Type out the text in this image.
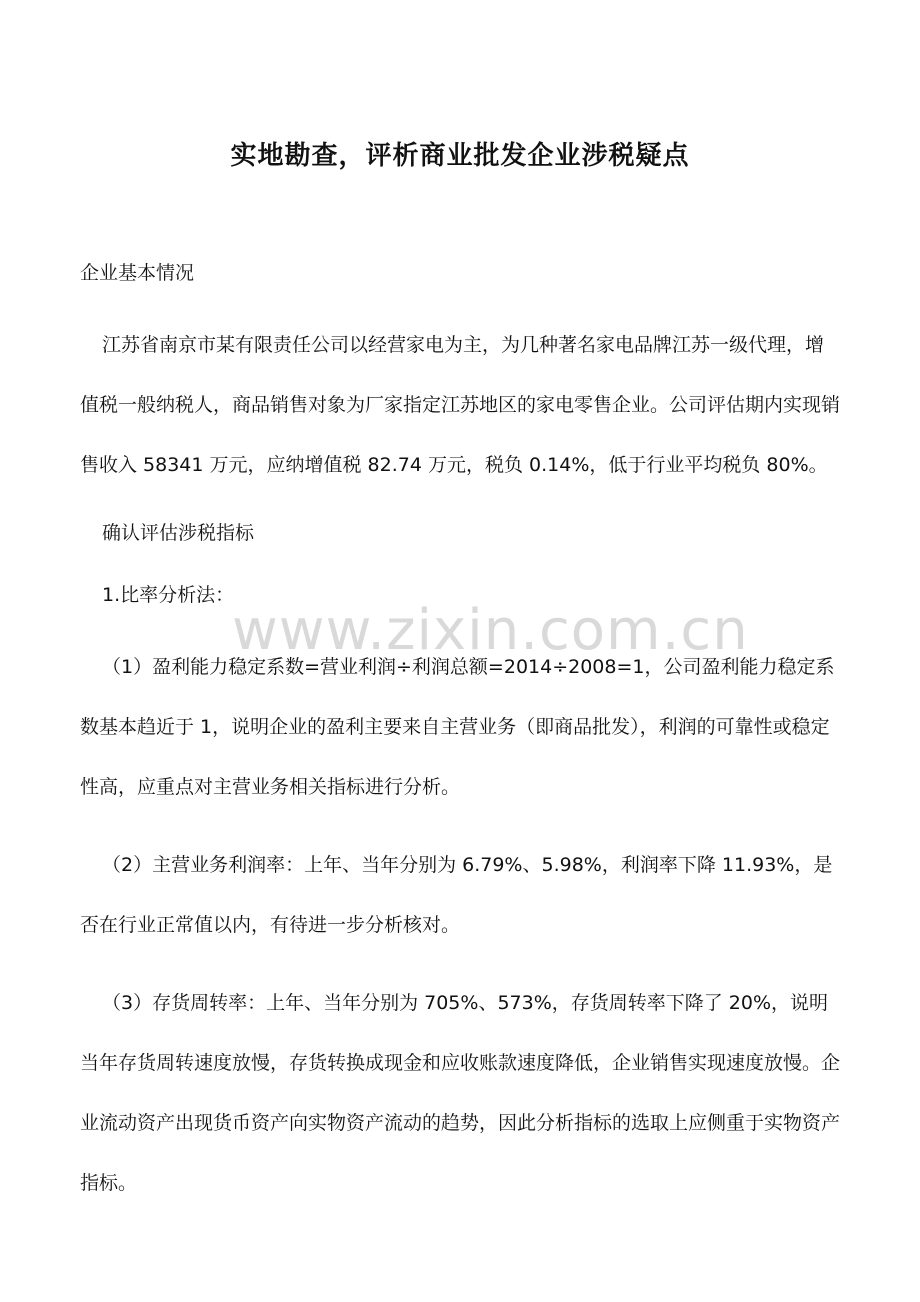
实地勘查，评析商业批发企业涉税疑点
www.zixin.com.cn

企业基本情况

江苏省南京市某有限责任公司以经营家电为主，为几种著名家电品牌江苏一级代理，增值税一般纳税人，商品销售对象为厂家指定江苏地区的家电零售企业。公司评估期内实现销售收入 58341 万元，应纳增值税 82.74 万元，税负 0.14%，低于行业平均税负 80%。

确认评估涉税指标

1.比率分析法：

（1）盈利能力稳定系数=营业利润÷利润总额=2014÷2008=1，公司盈利能力稳定系数基本趋近于 1，说明企业的盈利主要来自主营业务（即商品批发），利润的可靠性或稳定性高，应重点对主营业务相关指标进行分析。

（2）主营业务利润率：上年、当年分别为 6.79%、5.98%，利润率下降 11.93%，是否在行业正常值以内，有待进一步分析核对。

（3）存货周转率：上年、当年分别为 705%、573%，存货周转率下降了 20%，说明当年存货周转速度放慢，存货转换成现金和应收账款速度降低，企业销售实现速度放慢。企业流动资产出现货币资产向实物资产流动的趋势，因此分析指标的选取上应侧重于实物资产指标。
